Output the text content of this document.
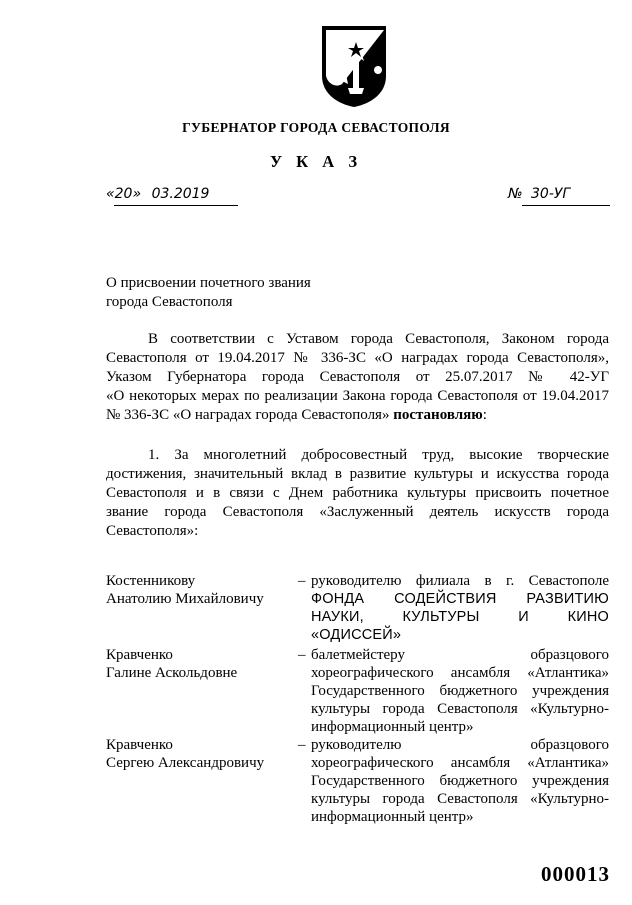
ГУБЕРНАТОР ГОРОДА СЕВАСТОПОЛЯ
У К А З
«20» 03.2019	№ 30-УГ
О присвоении почетного звания
города Севастополя
В соответствии с Уставом города Севастополя, Законом города
Севастополя от 19.04.2017 № 336-ЗС «О наградах города Севастополя»,
Указом Губернатора города Севастополя от 25.07.2017 № 42-УГ
«О некоторых мерах по реализации Закона города Севастополя от 19.04.2017
№ 336-ЗС «О наградах города Севастополя» постановляю:
1. За многолетний добросовестный труд, высокие творческие
достижения, значительный вклад в развитие культуры и искусства города
Севастополя и в связи с Днем работника культуры присвоить почетное
звание города Севастополя «Заслуженный деятель искусств города
Севастополя»:
Костенникову
Анатолию Михайловичу
– руководителю филиала в г. Севастополе
ФОНДА СОДЕЙСТВИЯ РАЗВИТИЮ
НАУКИ, КУЛЬТУРЫ И КИНО
«ОДИССЕЙ»
Кравченко
Галине Аскольдовне
– балетмейстеру образцового
хореографического ансамбля «Атлантика»
Государственного бюджетного учреждения
культуры города Севастополя «Культурно-
информационный центр»
Кравченко
Сергею Александровичу
– руководителю образцового
хореографического ансамбля «Атлантика»
Государственного бюджетного учреждения
культуры города Севастополя «Культурно-
информационный центр»
000013
